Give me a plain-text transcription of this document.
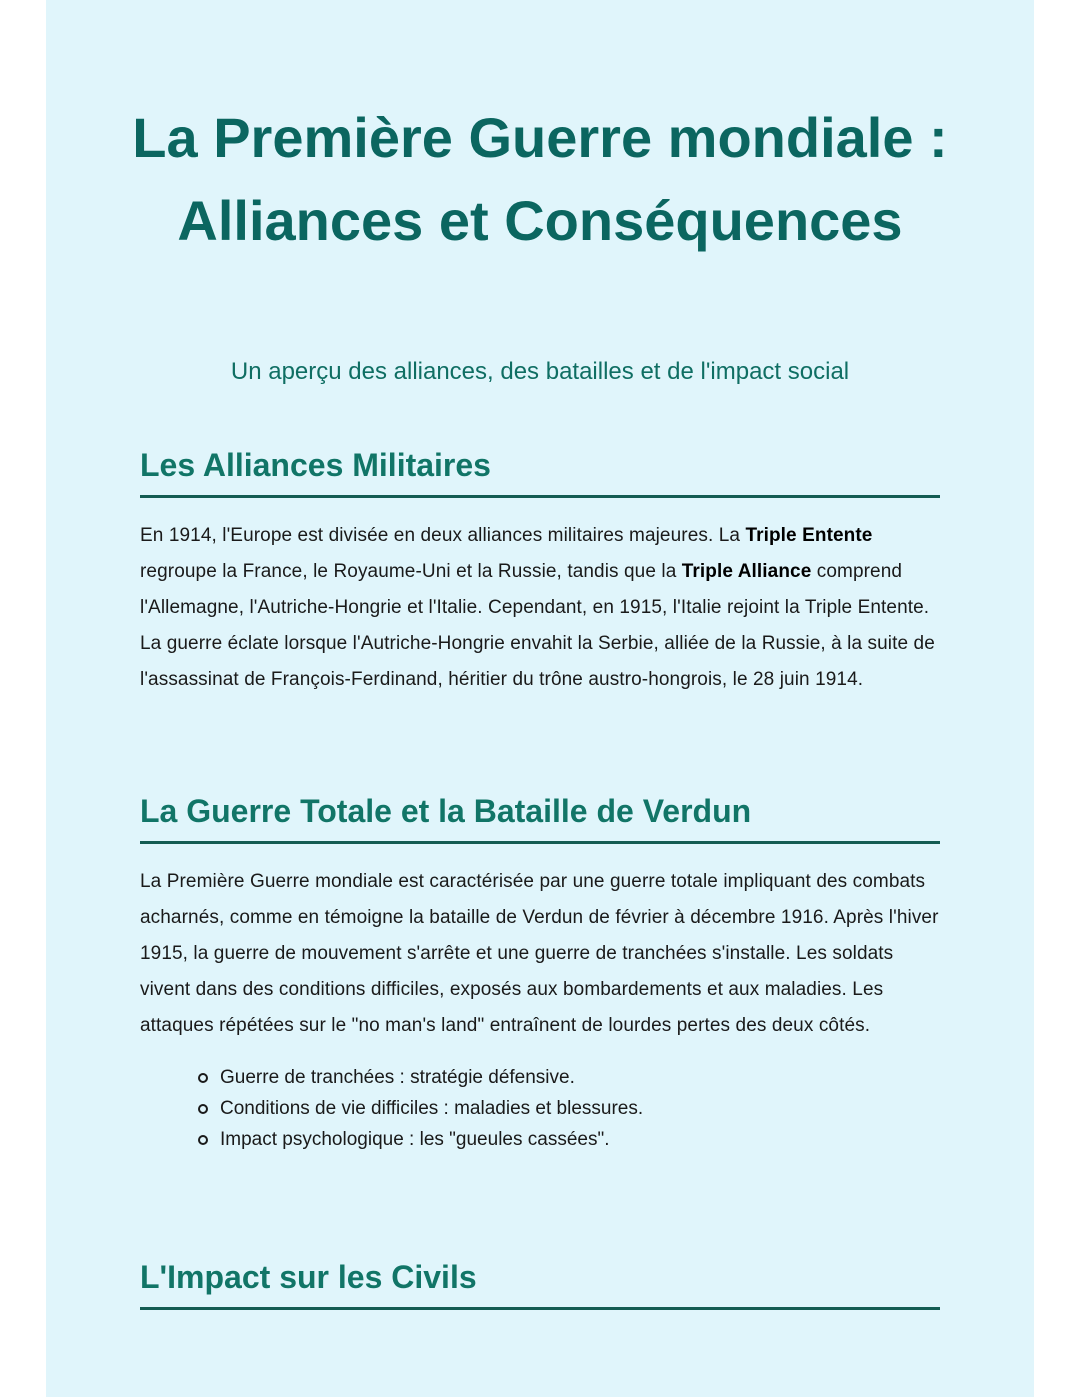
La Première Guerre mondiale : Alliances et Conséquences
Un aperçu des alliances, des batailles et de l'impact social
Les Alliances Militaires

En 1914, l'Europe est divisée en deux alliances militaires majeures. La Triple Entente regroupe la France, le Royaume-Uni et la Russie, tandis que la Triple Alliance comprend l'Allemagne, l'Autriche-Hongrie et l'Italie. Cependant, en 1915, l'Italie rejoint la Triple Entente. La guerre éclate lorsque l'Autriche-Hongrie envahit la Serbie, alliée de la Russie, à la suite de l'assassinat de François-Ferdinand, héritier du trône austro-hongrois, le 28 juin 1914.

La Guerre Totale et la Bataille de Verdun

La Première Guerre mondiale est caractérisée par une guerre totale impliquant des combats acharnés, comme en témoigne la bataille de Verdun de février à décembre 1916. Après l'hiver 1915, la guerre de mouvement s'arrête et une guerre de tranchées s'installe. Les soldats vivent dans des conditions difficiles, exposés aux bombardements et aux maladies. Les attaques répétées sur le "no man's land" entraînent de lourdes pertes des deux côtés.

Guerre de tranchées : stratégie défensive.
Conditions de vie difficiles : maladies et blessures.
Impact psychologique : les "gueules cassées".
L'Impact sur les Civils
